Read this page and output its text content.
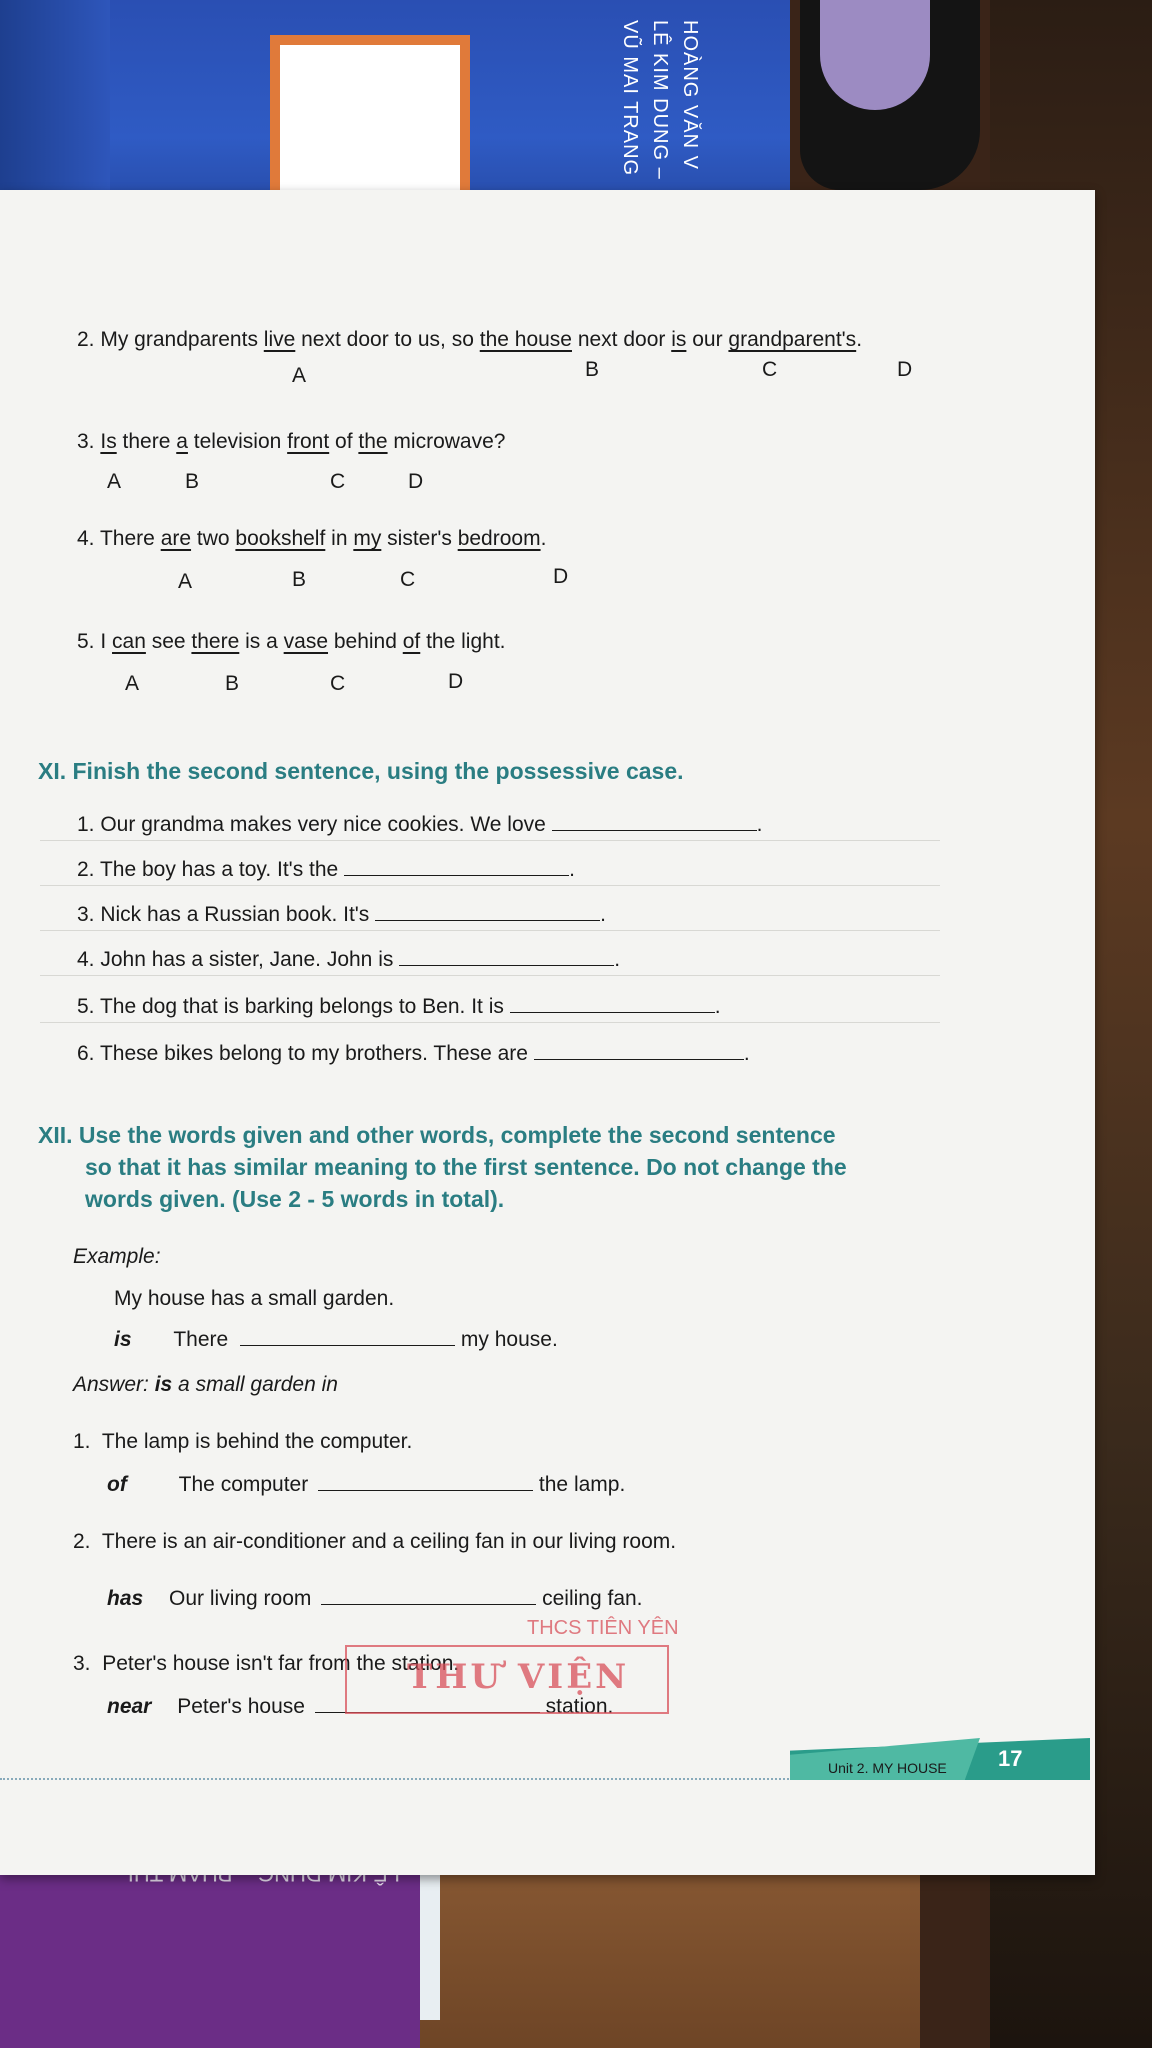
HOÀNG VĂN V
LÊ KIM DUNG –
VŨ MAI TRANG
2. My grandparents live next door to us, so the house next door is our grandparent's.
A	B	C	D
3. Is there a television front of the microwave?
A	B	C	D
4. There are two bookshelf in my sister's bedroom.
A	B	C	D
5. I can see there is a vase behind of the light.
A	B	C	D
XI. Finish the second sentence, using the possessive case.
1. Our grandma makes very nice cookies. We love	.
2. The boy has a toy. It's the	.
3. Nick has a Russian book. It's	.
4. John has a sister, Jane. John is	.
5. The dog that is barking belongs to Ben. It is	.
6. These bikes belong to my brothers. These are	.
XII. Use the words given and other words, complete the second sentence
so that it has similar meaning to the first sentence. Do not change the
words given. (Use 2 - 5 words in total).
Example:
My house has a small garden.
is There	my house.
Answer: is a small garden in
1. The lamp is behind the computer.
of The computer	the lamp.
2. There is an air-conditioner and a ceiling fan in our living room.
has Our living room	ceiling fan.
3. Peter's house isn't far from the station.
near Peter's house	station.
THCS TIÊN YÊN
THƯ VIỆN
Unit 2. MY HOUSE 17
